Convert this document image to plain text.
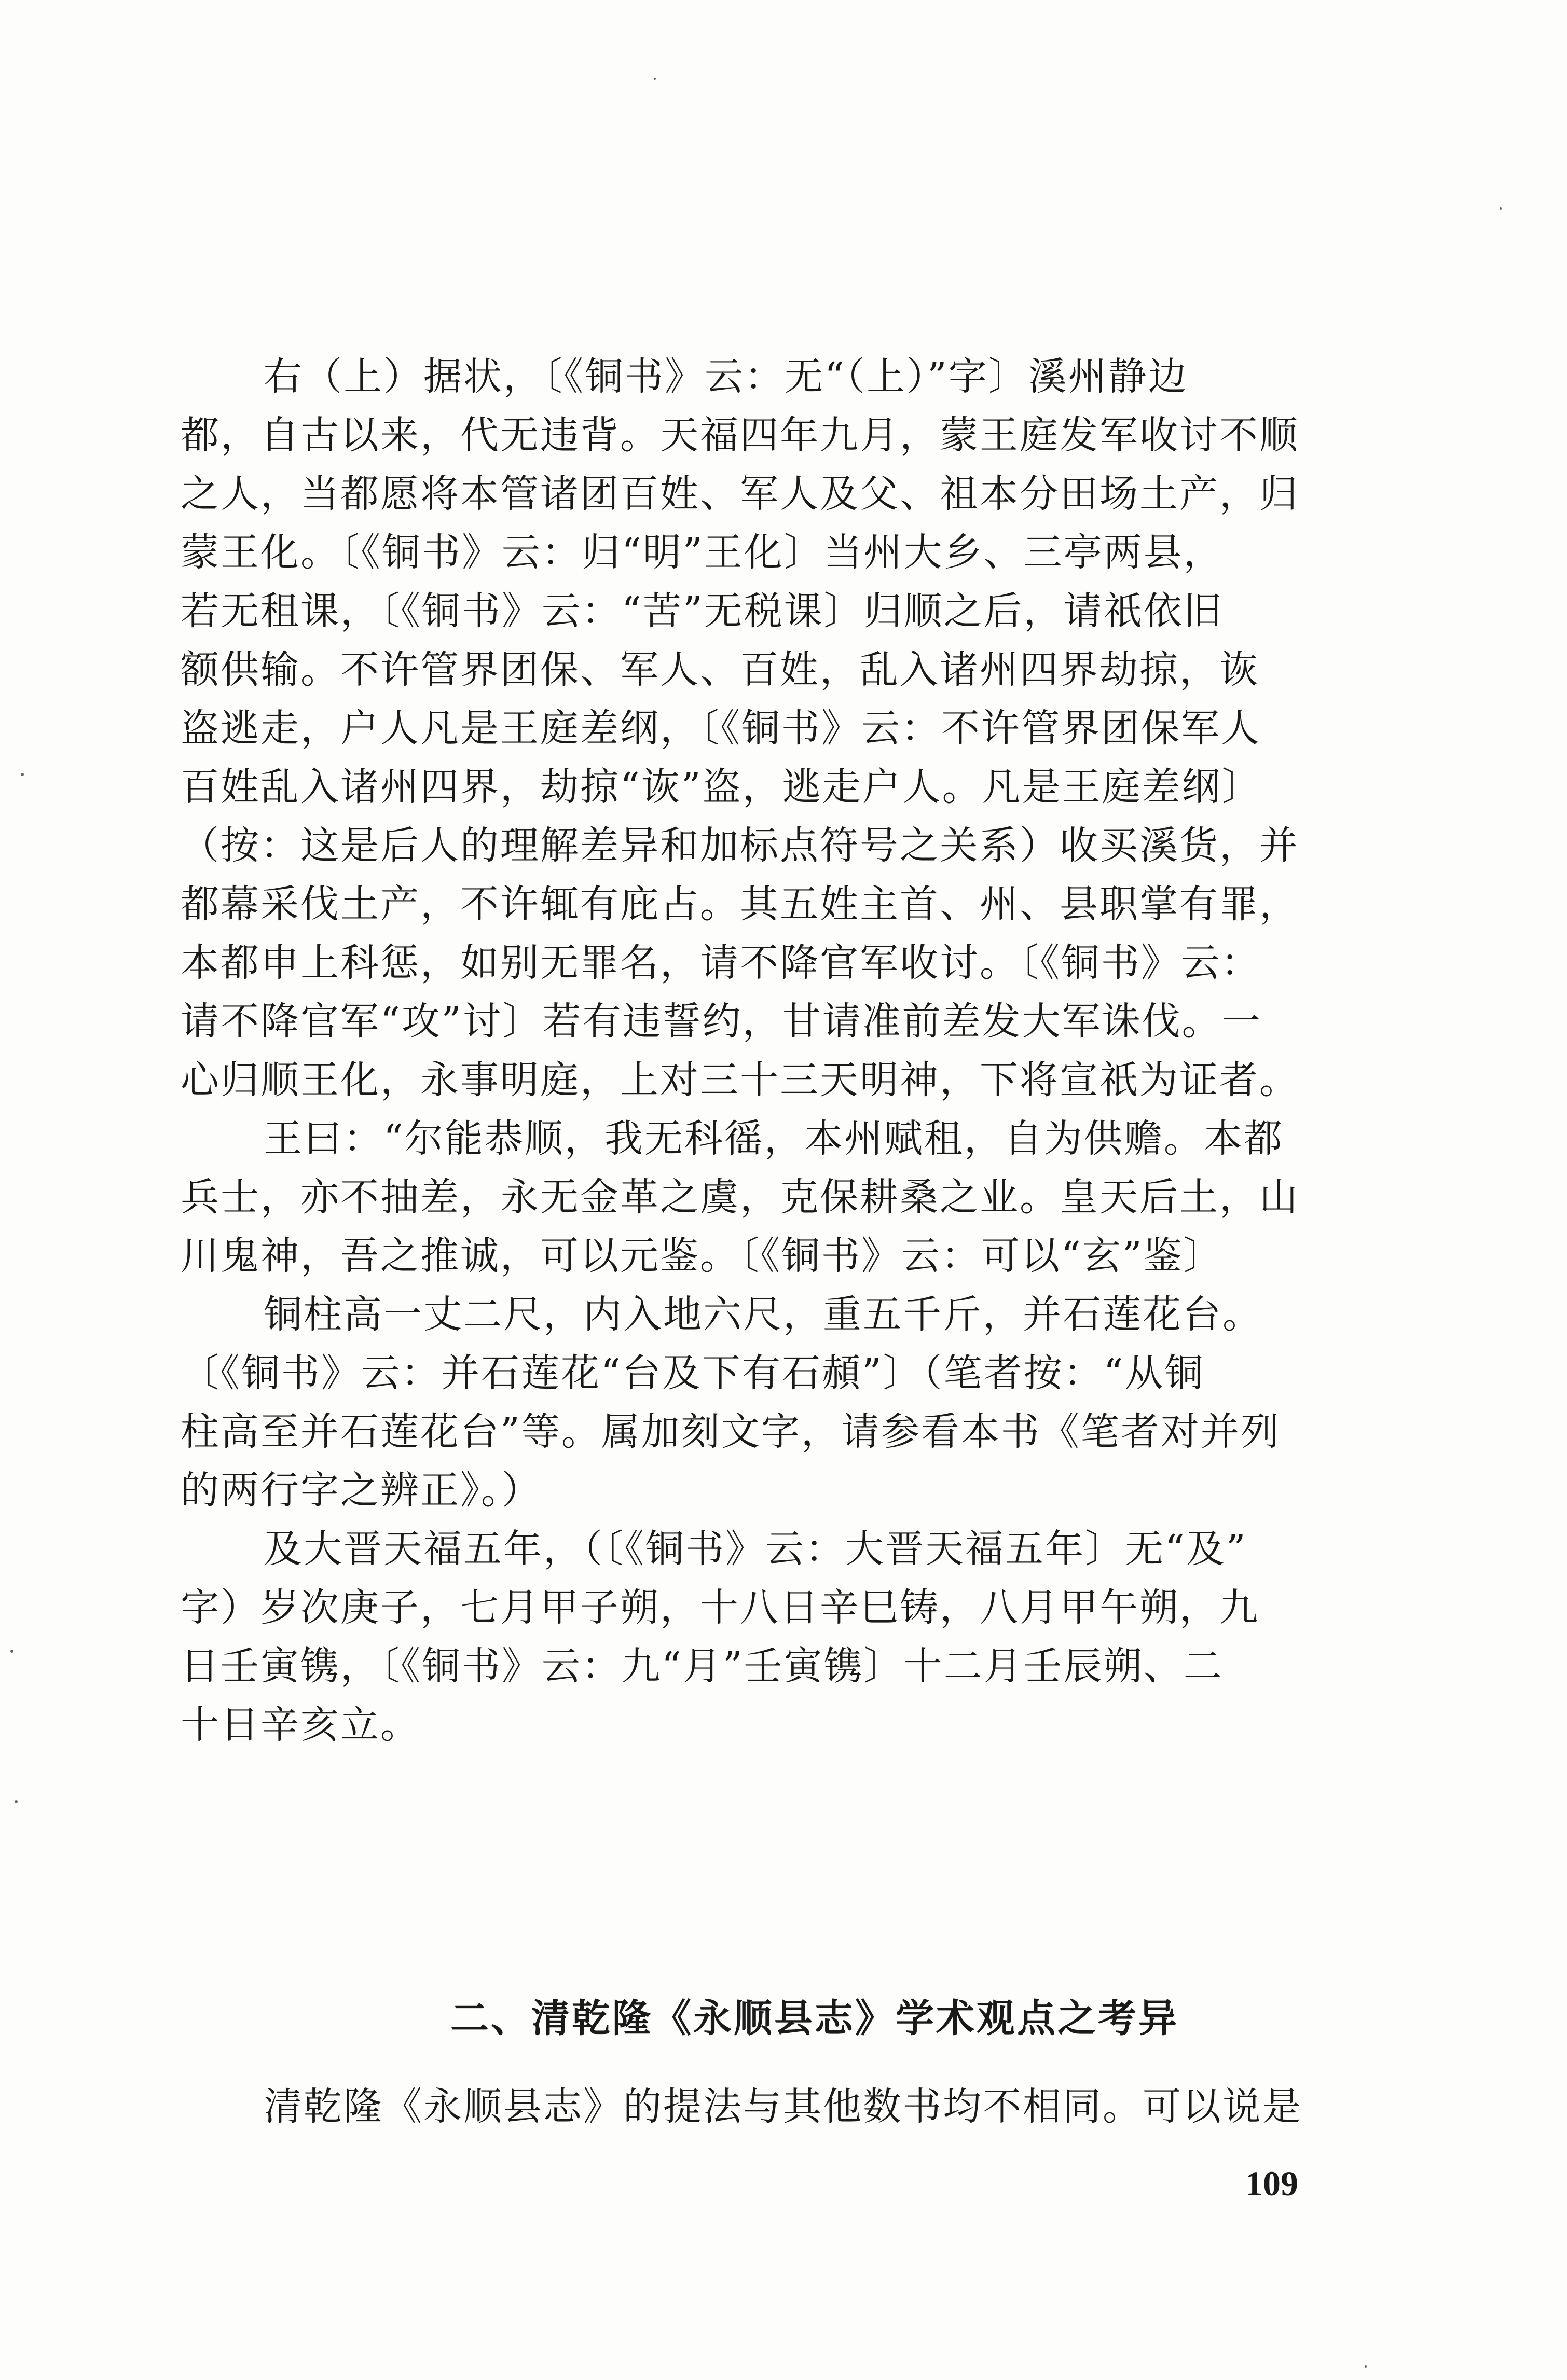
右（上）据状，〔《铜书》云：无“（上）”字〕溪州静边
都，自古以来，代无违背。天福四年九月，蒙王庭发军收讨不顺
之人，当都愿将本管诸团百姓、军人及父、祖本分田场土产，归
蒙王化。〔《铜书》云：归“明”王化〕当州大乡、三亭两县，
若无租课，〔《铜书》云：“苦”无税课〕归顺之后，请祇依旧
额供输。不许管界团保、军人、百姓，乱入诸州四界劫掠，诙
盗逃走，户人凡是王庭差纲，〔《铜书》云：不许管界团保军人
百姓乱入诸州四界，劫掠“诙”盗，逃走户人。凡是王庭差纲〕
（按：这是后人的理解差异和加标点符号之关系）收买溪货，并
都幕采伐土产，不许辄有庇占。其五姓主首、州、县职掌有罪，
本都申上科惩，如别无罪名，请不降官军收讨。〔《铜书》云：
请不降官军“攻”讨〕若有违誓约，甘请准前差发大军诛伐。一
心归顺王化，永事明庭，上对三十三天明神，下将宣祇为证者。
王曰：“尔能恭顺，我无科徭，本州赋租，自为供赡。本都
兵士，亦不抽差，永无金革之虞，克保耕桑之业。皇天后土，山
川鬼神，吾之推诚，可以元鉴。〔《铜书》云：可以“玄”鉴〕
铜柱高一丈二尺，内入地六尺，重五千斤，并石莲花台。
〔《铜书》云：并石莲花“台及下有石頳”〕（笔者按：“从铜
柱高至并石莲花台”等。属加刻文字，请参看本书《笔者对并列
的两行字之辨正》。）
及大晋天福五年，（〔《铜书》云：大晋天福五年〕无“及”
字）岁次庚子，七月甲子朔，十八日辛巳铸，八月甲午朔，九
日壬寅镌，〔《铜书》云：九“月”壬寅镌〕十二月壬辰朔、二
十日辛亥立。
二、清乾隆《永顺县志》学术观点之考异
清乾隆《永顺县志》的提法与其他数书均不相同。可以说是
109
